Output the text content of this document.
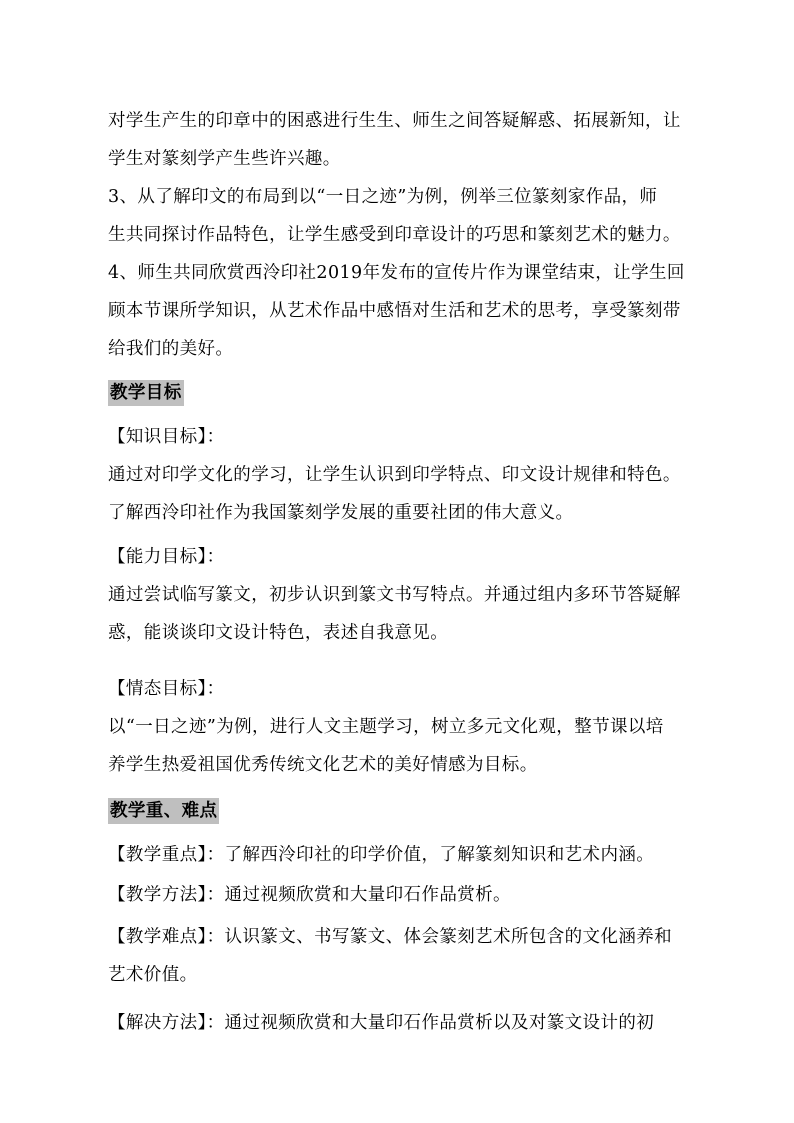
对学生产生的印章中的困惑进行生生、师生之间答疑解惑、拓展新知，让
学生对篆刻学产生些许兴趣。
3、从了解印文的布局到以“一日之迹”为例，例举三位篆刻家作品，师
生共同探讨作品特色，让学生感受到印章设计的巧思和篆刻艺术的魅力。
4、师生共同欣赏西泠印社2019年发布的宣传片作为课堂结束，让学生回
顾本节课所学知识，从艺术作品中感悟对生活和艺术的思考，享受篆刻带
给我们的美好。
教学目标
【知识目标】：
通过对印学文化的学习，让学生认识到印学特点、印文设计规律和特色。
了解西泠印社作为我国篆刻学发展的重要社团的伟大意义。
【能力目标】：
通过尝试临写篆文，初步认识到篆文书写特点。并通过组内多环节答疑解
惑，能谈谈印文设计特色，表述自我意见。
【情态目标】：
以“一日之迹”为例，进行人文主题学习，树立多元文化观，整节课以培
养学生热爱祖国优秀传统文化艺术的美好情感为目标。
教学重、难点
【教学重点】：了解西泠印社的印学价值，了解篆刻知识和艺术内涵。
【教学方法】：通过视频欣赏和大量印石作品赏析。
【教学难点】：认识篆文、书写篆文、体会篆刻艺术所包含的文化涵养和
艺术价值。
【解决方法】：通过视频欣赏和大量印石作品赏析以及对篆文设计的初
